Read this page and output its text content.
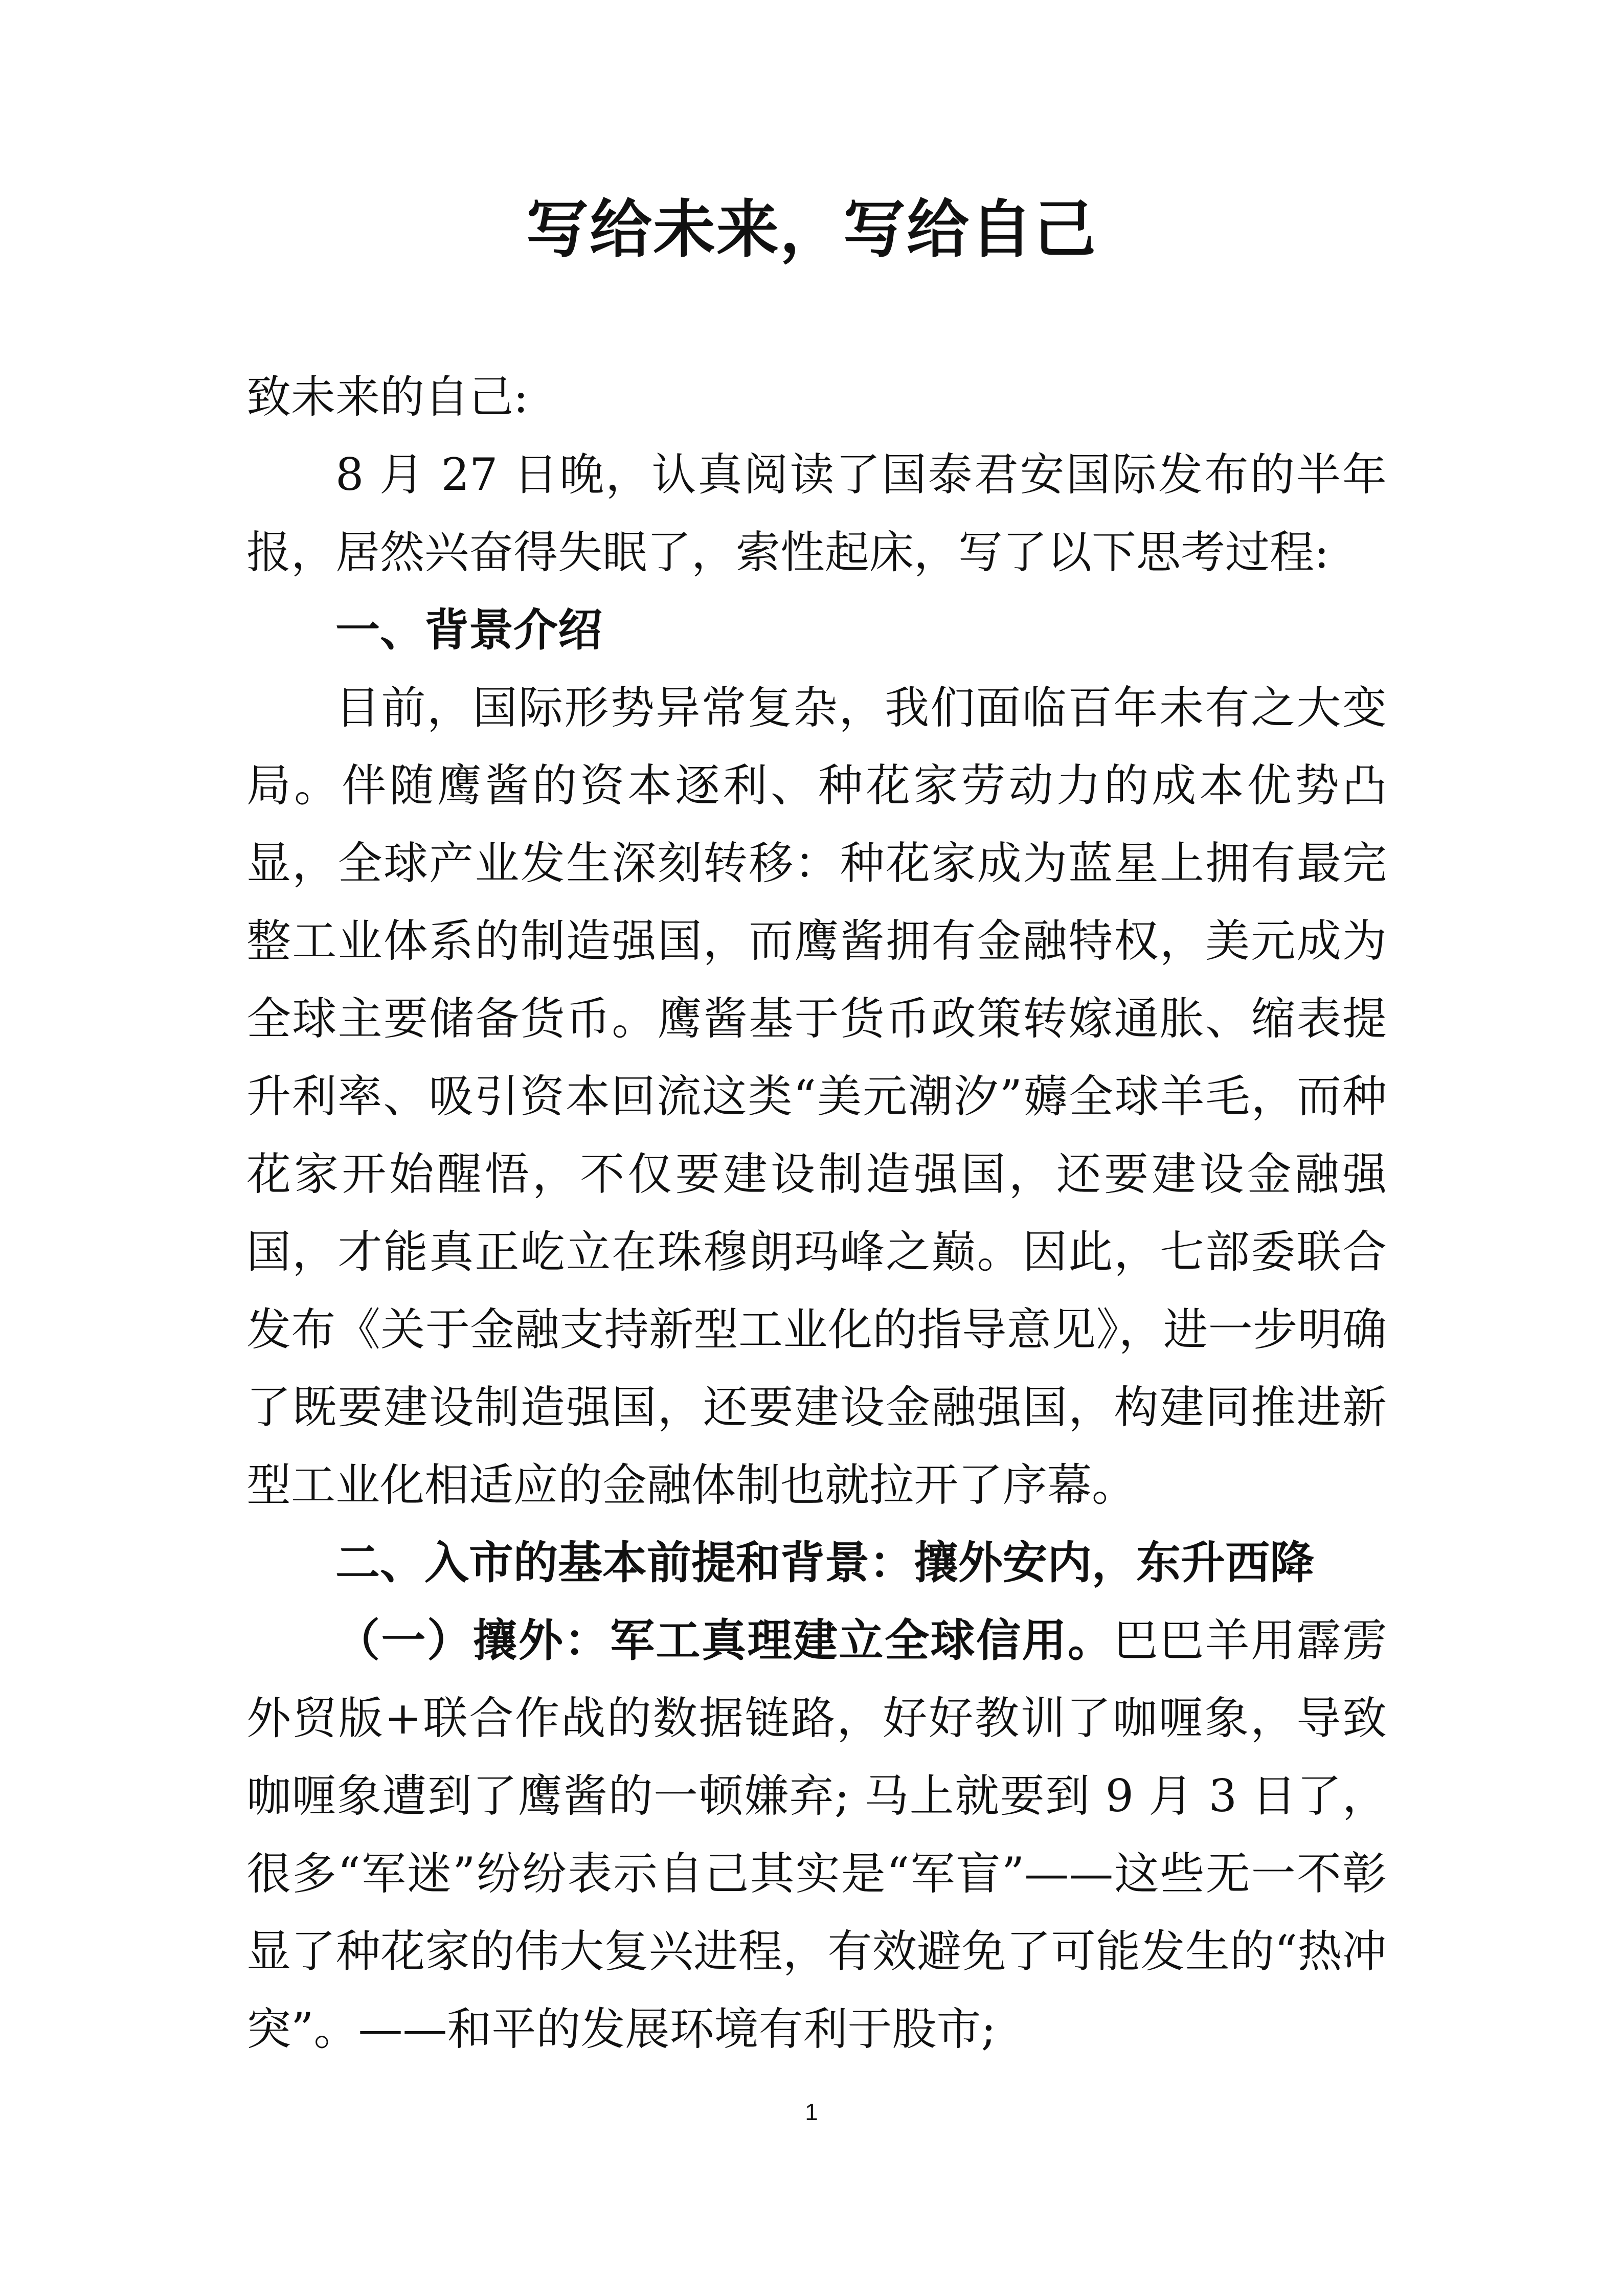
写给未来，写给自己

致未来的自己:

8 月 27 日晚，认真阅读了国泰君安国际发布的半年报，居然兴奋得失眠了，索性起床，写了以下思考过程:

一、背景介绍

目前，国际形势异常复杂，我们面临百年未有之大变局。伴随鹰酱的资本逐利、种花家劳动力的成本优势凸显，全球产业发生深刻转移：种花家成为蓝星上拥有最完整工业体系的制造强国，而鹰酱拥有金融特权，美元成为全球主要储备货币。鹰酱基于货币政策转嫁通胀、缩表提升利率、吸引资本回流这类“美元潮汐”薅全球羊毛，而种花家开始醒悟，不仅要建设制造强国，还要建设金融强国，才能真正屹立在珠穆朗玛峰之巅。因此，七部委联合发布《关于金融支持新型工业化的指导意见》，进一步明确了既要建设制造强国，还要建设金融强国，构建同推进新型工业化相适应的金融体制也就拉开了序幕。

二、入市的基本前提和背景：攘外安内，东升西降

（一）攘外：军工真理建立全球信用。巴巴羊用霹雳外贸版+联合作战的数据链路，好好教训了咖喱象，导致咖喱象遭到了鹰酱的一顿嫌弃; 马上就要到 9 月 3 日了，很多“军迷”纷纷表示自己其实是“军盲”——这些无一不彰显了种花家的伟大复兴进程，有效避免了可能发生的“热冲突”。——和平的发展环境有利于股市;

1
